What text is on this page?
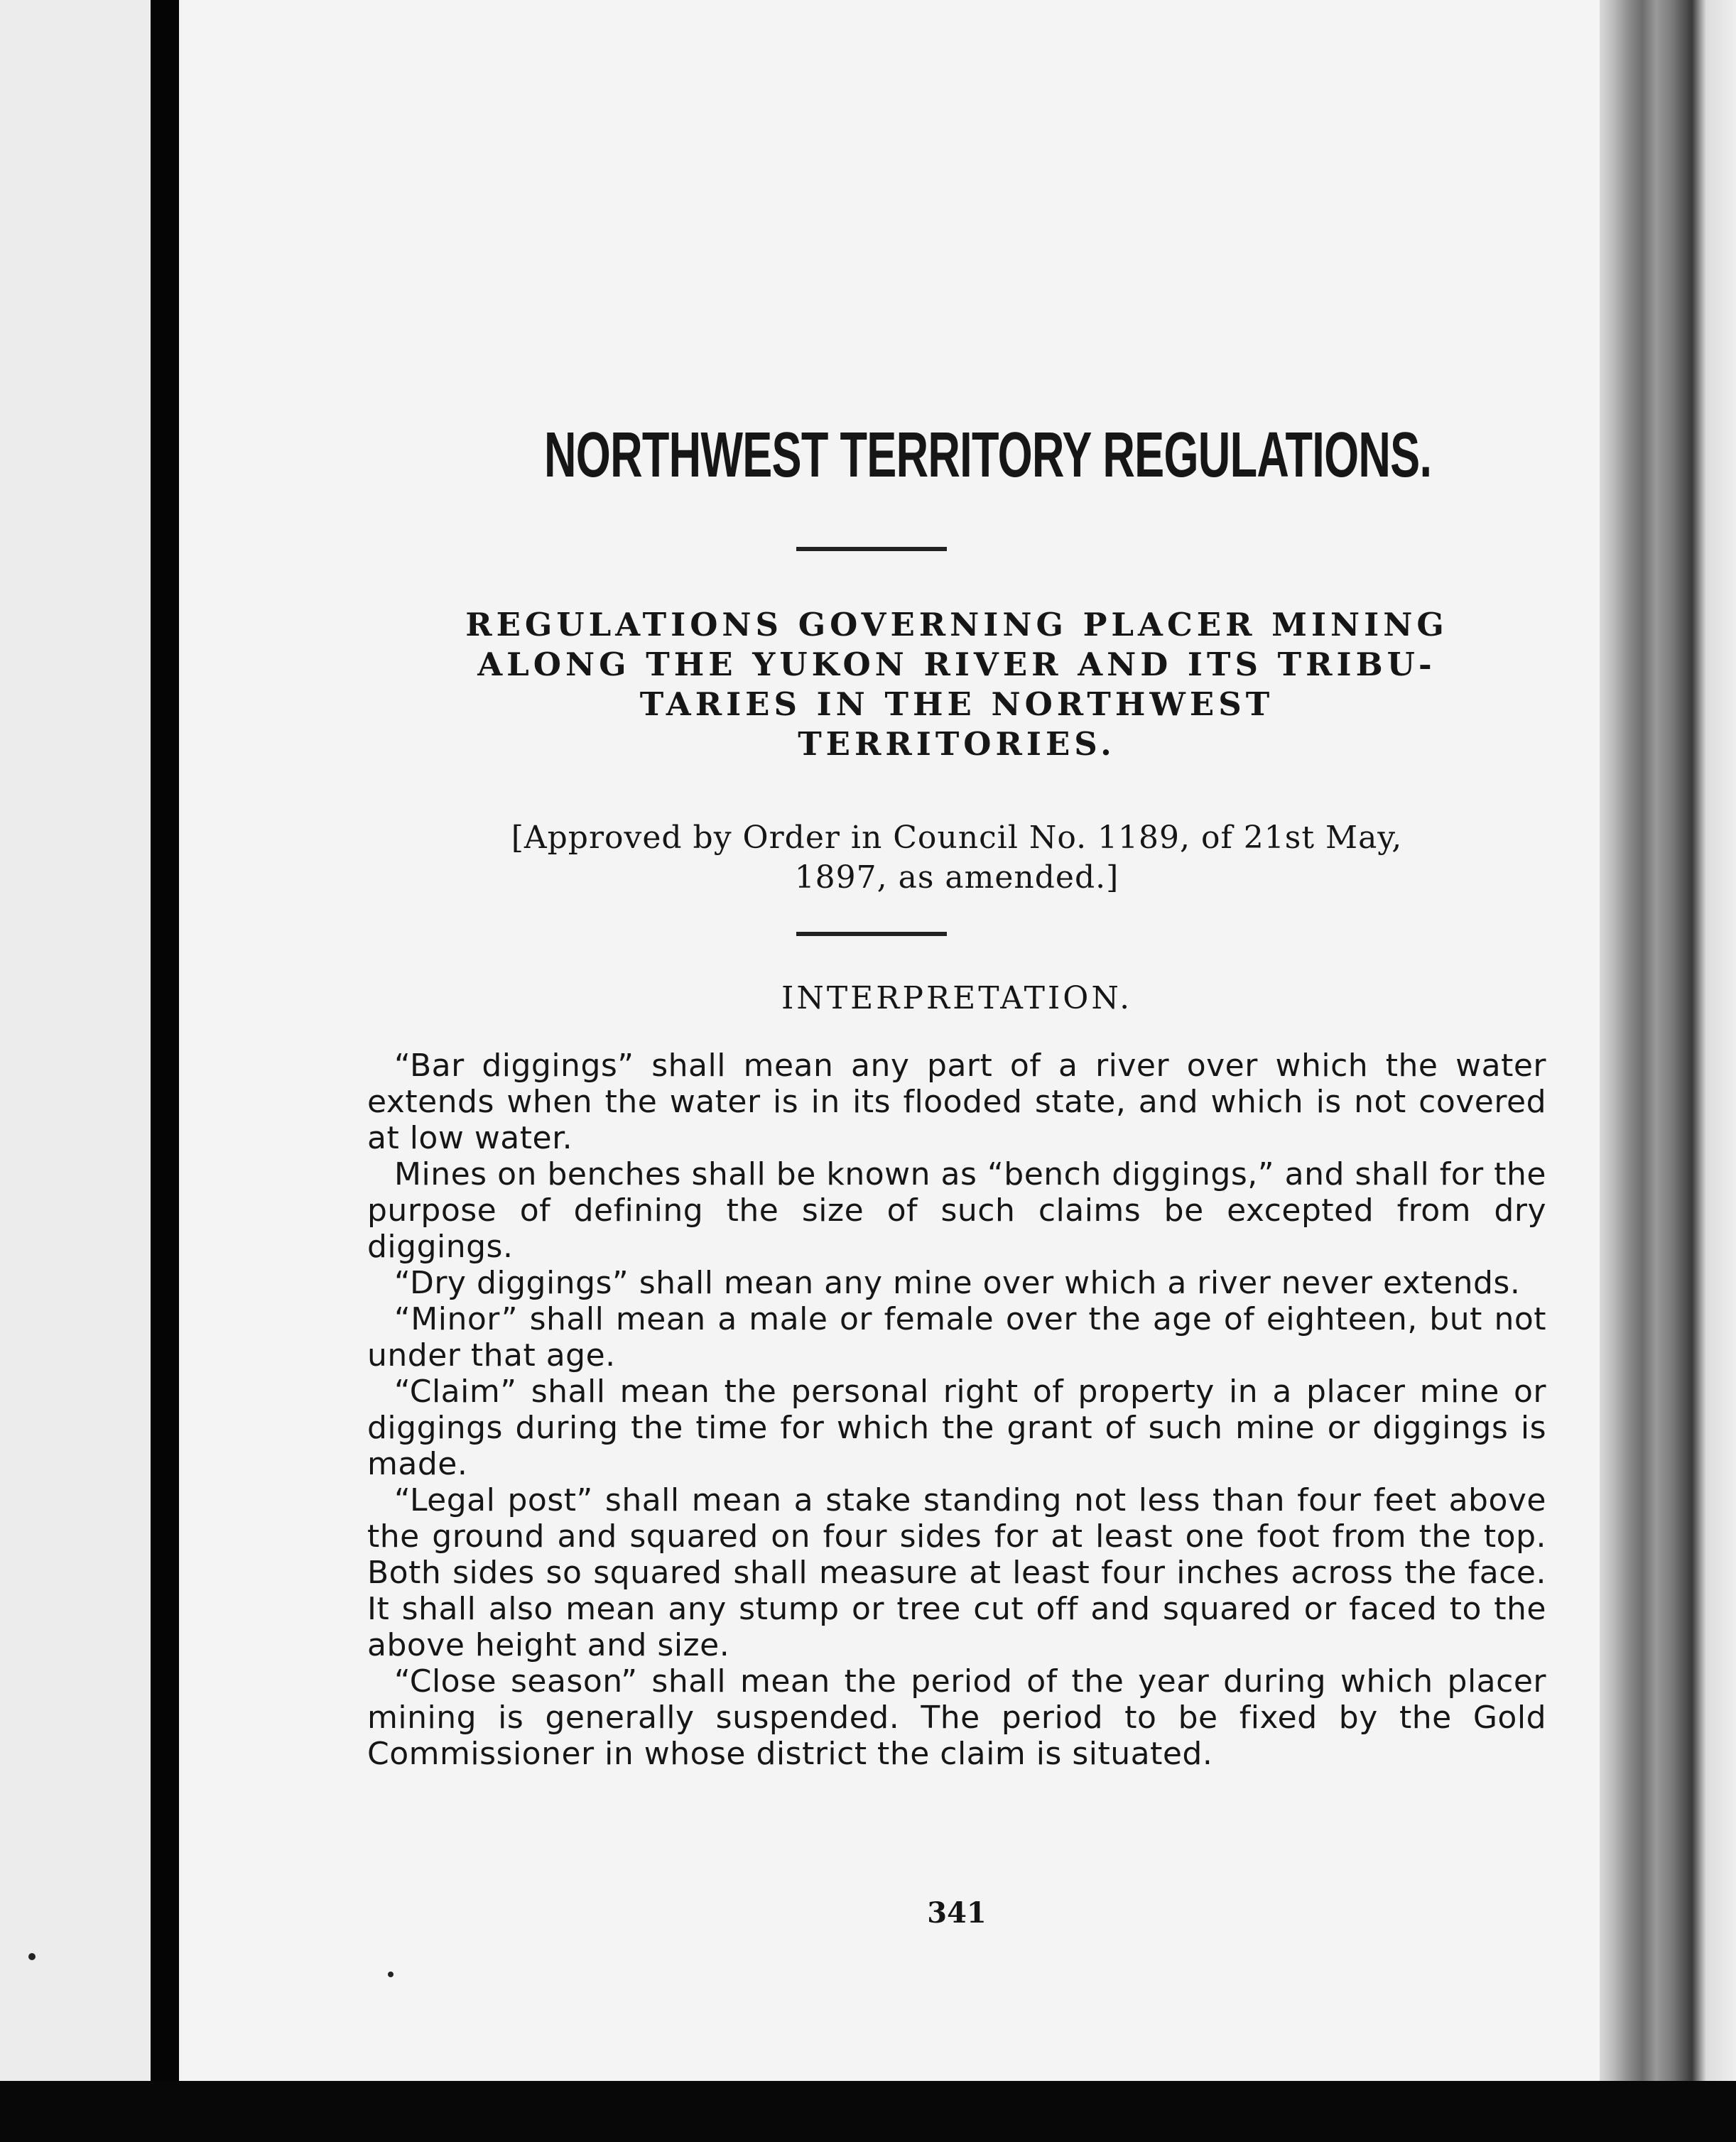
NORTHWEST TERRITORY REGULATIONS.
REGULATIONS GOVERNING PLACER MINING
ALONG THE YUKON RIVER AND ITS TRIBU-
TARIES IN THE NORTHWEST
TERRITORIES.
[Approved by Order in Council No. 1189, of 21st May,
1897, as amended.]
INTERPRETATION.

“Bar diggings” shall mean any part of a river over which the water extends when the water is in its flooded state, and which is not covered at low water.

Mines on benches shall be known as “bench diggings,” and shall for the purpose of defining the size of such claims be excepted from dry diggings.

“Dry diggings” shall mean any mine over which a river never extends.

“Minor” shall mean a male or female over the age of eighteen, but not under that age.

“Claim” shall mean the personal right of property in a placer mine or diggings during the time for which the grant of such mine or diggings is made.

“Legal post” shall mean a stake standing not less than four feet above the ground and squared on four sides for at least one foot from the top. Both sides so squared shall measure at least four inches across the face. It shall also mean any stump or tree cut off and squared or faced to the above height and size.

“Close season” shall mean the period of the year during which placer mining is generally suspended. The period to be fixed by the Gold Commissioner in whose district the claim is situated.

341
